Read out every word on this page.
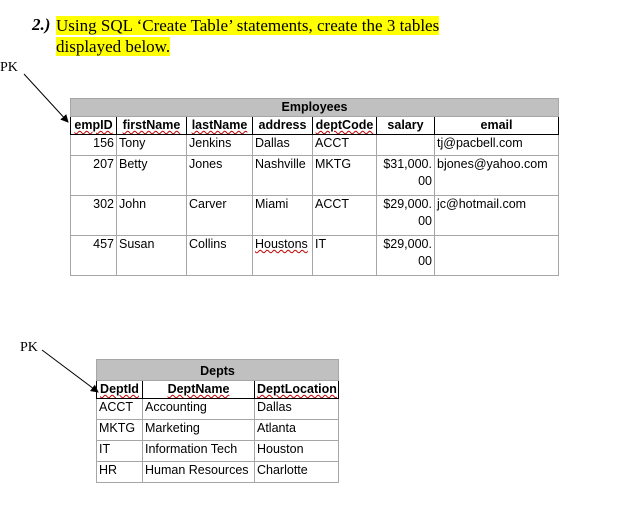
2.) Using SQL ‘Create Table’ statements, create the 3 tables
displayed below.
PK
PK
Employees						
empID	firstName	lastName	address	deptCode	salary	email
156	Tony	Jenkins	Dallas	ACCT		tj@pacbell.com
207	Betty	Jones	Nashville	MKTG	$31,000.00	bjones@yahoo.com
302	John	Carver	Miami	ACCT	$29,000.00	jc@hotmail.com
457	Susan	Collins	Houstons	IT	$29,000.00	
Depts		
DeptId	DeptName	DeptLocation
ACCT	Accounting	Dallas
MKTG	Marketing	Atlanta
IT	Information Tech	Houston
HR	Human Resources	Charlotte
